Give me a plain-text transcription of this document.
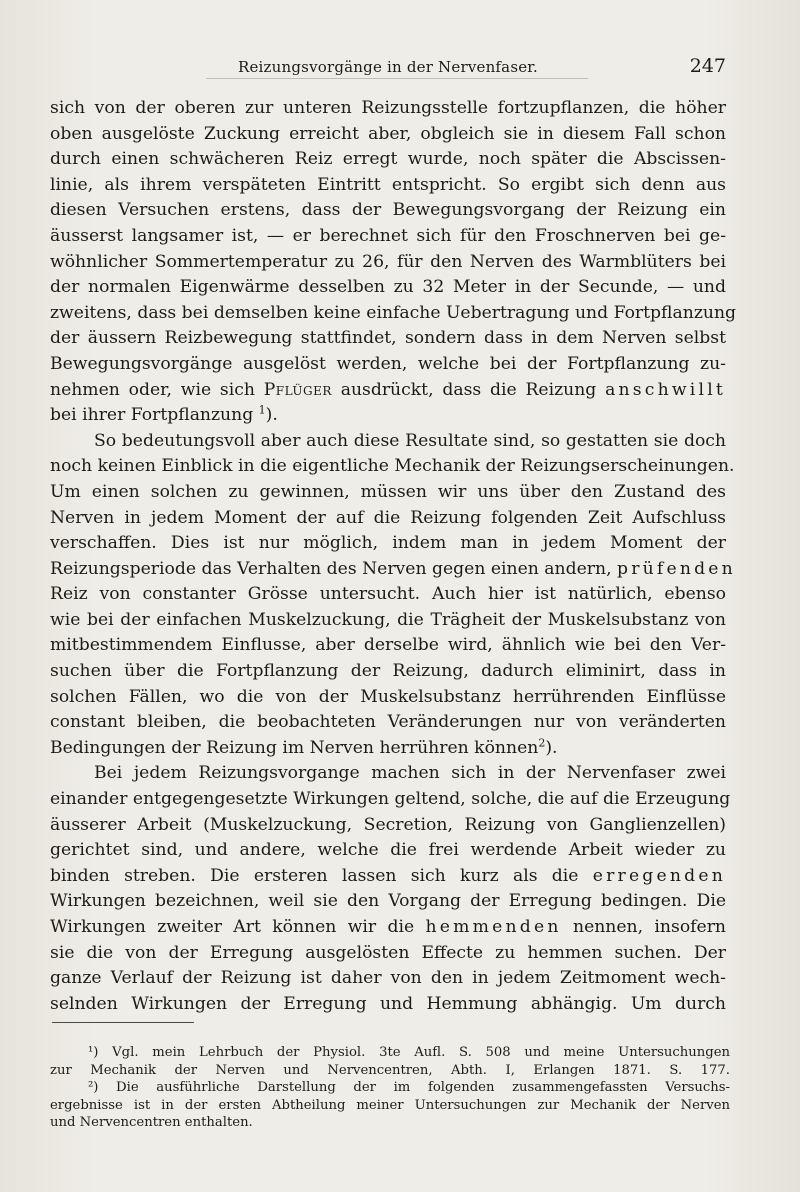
Reizungsvorgänge in der Nervenfaser.	247
sich von der oberen zur unteren Reizungsstelle fortzupflanzen, die höher
oben ausgelöste Zuckung erreicht aber, obgleich sie in diesem Fall schon
durch einen schwächeren Reiz erregt wurde, noch später die Abscissen-
linie, als ihrem verspäteten Eintritt entspricht. So ergibt sich denn aus
diesen Versuchen erstens, dass der Bewegungsvorgang der Reizung ein
äusserst langsamer ist, — er berechnet sich für den Froschnerven bei ge-
wöhnlicher Sommertemperatur zu 26, für den Nerven des Warmblüters bei
der normalen Eigenwärme desselben zu 32 Meter in der Secunde, — und
zweitens, dass bei demselben keine einfache Uebertragung und Fortpflanzung
der äussern Reizbewegung stattfindet, sondern dass in dem Nerven selbst
Bewegungsvorgänge ausgelöst werden, welche bei der Fortpflanzung zu-
nehmen oder, wie sich Pflüger ausdrückt, dass die Reizung anschwillt
bei ihrer Fortpflanzung $^1$).
So bedeutungsvoll aber auch diese Resultate sind, so gestatten sie doch
noch keinen Einblick in die eigentliche Mechanik der Reizungserscheinungen.
Um einen solchen zu gewinnen, müssen wir uns über den Zustand des
Nerven in jedem Moment der auf die Reizung folgenden Zeit Aufschluss
verschaffen. Dies ist nur möglich, indem man in jedem Moment der
Reizungsperiode das Verhalten des Nerven gegen einen andern, prüfenden
Reiz von constanter Grösse untersucht. Auch hier ist natürlich, ebenso
wie bei der einfachen Muskelzuckung, die Trägheit der Muskelsubstanz von
mitbestimmendem Einflusse, aber derselbe wird, ähnlich wie bei den Ver-
suchen über die Fortpflanzung der Reizung, dadurch eliminirt, dass in
solchen Fällen, wo die von der Muskelsubstanz herrührenden Einflüsse
constant bleiben, die beobachteten Veränderungen nur von veränderten
Bedingungen der Reizung im Nerven herrühren können$^2$).
Bei jedem Reizungsvorgange machen sich in der Nervenfaser zwei
einander entgegengesetzte Wirkungen geltend, solche, die auf die Erzeugung
äusserer Arbeit (Muskelzuckung, Secretion, Reizung von Ganglienzellen)
gerichtet sind, und andere, welche die frei werdende Arbeit wieder zu
binden streben. Die ersteren lassen sich kurz als die erregenden
Wirkungen bezeichnen, weil sie den Vorgang der Erregung bedingen. Die
Wirkungen zweiter Art können wir die hemmenden nennen, insofern
sie die von der Erregung ausgelösten Effecte zu hemmen suchen. Der
ganze Verlauf der Reizung ist daher von den in jedem Zeitmoment wech-
selnden Wirkungen der Erregung und Hemmung abhängig. Um durch
¹) Vgl. mein Lehrbuch der Physiol. 3te Aufl. S. 508 und meine Untersuchungen
zur Mechanik der Nerven und Nervencentren, Abth. I, Erlangen 1871. S. 177.
²) Die ausführliche Darstellung der im folgenden zusammengefassten Versuchs-
ergebnisse ist in der ersten Abtheilung meiner Untersuchungen zur Mechanik der Nerven
und Nervencentren enthalten.
